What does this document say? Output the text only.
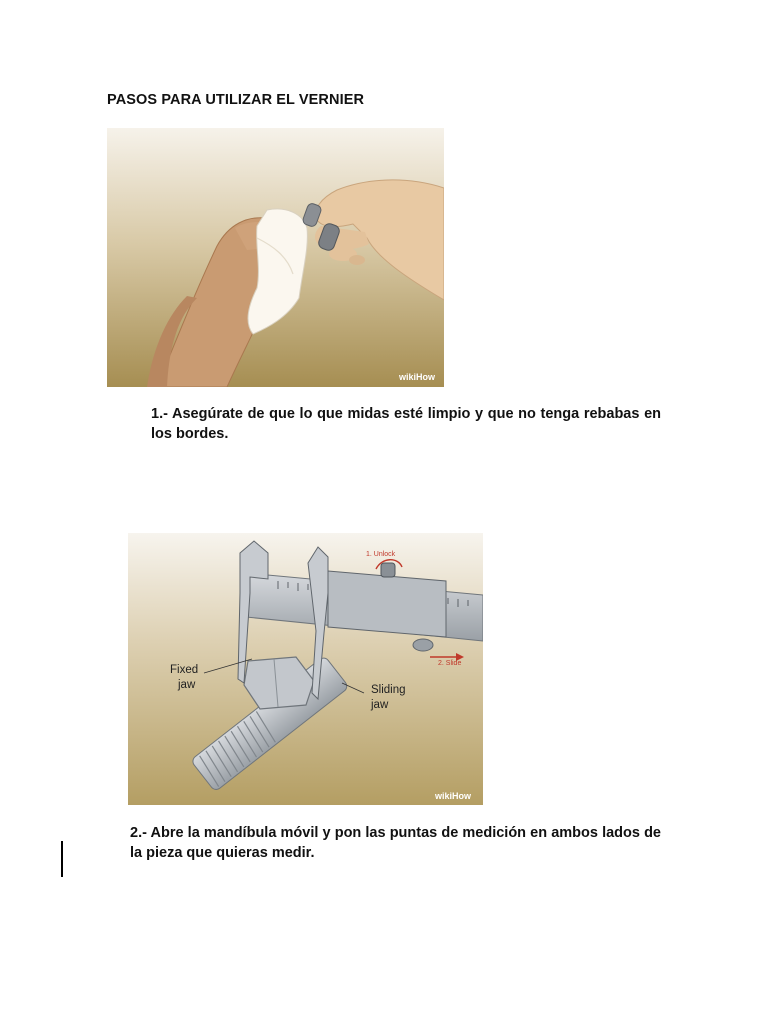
PASOS PARA UTILIZAR EL VERNIER
wikiHow
1.- Asegúrate de que lo que midas esté limpio y que no tenga rebabas en los bordes.
Fixed
jaw	Sliding
jaw
1. Unlock
2. Slide
wikiHow
2.- Abre la mandíbula móvil y pon las puntas de medición en ambos lados de la pieza que quieras medir.
